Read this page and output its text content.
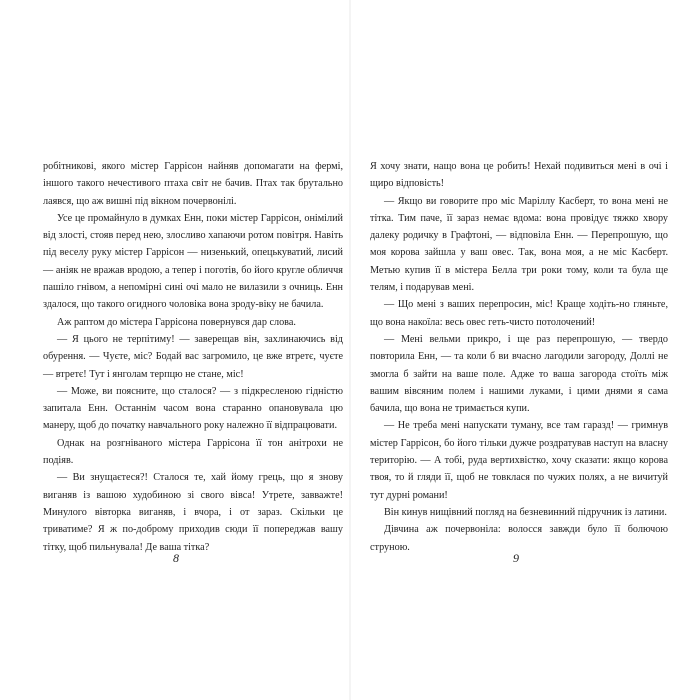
робітникові, якого містер Гаррісон найняв допомагати на фермі, іншого такого нечестивого птаха світ не бачив. Птах так брутально лаявся, що аж вишні під вікном почервонілі.

Усе це промайнуло в думках Енн, поки містер Гаррісон, онімілий від злості, стояв перед нею, злосливо хапаючи ротом повітря. Навіть під веселу руку містер Гаррісон — низенький, опецькуватий, лисий — аніяк не вражав вродою, а тепер і поготів, бо його кругле обличчя пашіло гнівом, а непомірні сині очі мало не вилазили з очниць. Енн здалося, що такого огидного чоловіка вона зроду-віку не бачила.

Аж раптом до містера Гаррісона повернувся дар слова.

— Я цього не терпітиму! — заверещав він, захлинаючись від обурення. — Чуєте, міс? Бодай вас загромило, це вже втретє, чуєте — втретє! Тут і янголам терпцю не стане, міс!

— Може, ви поясните, що сталося? — з підкресленою гідністю запитала Енн. Останнім часом вона старанно опановувала цю манеру, щоб до початку навчального року належно її відпрацювати.

Однак на розгніваного містера Гаррісона її тон анітрохи не подіяв.

— Ви знущаєтеся?! Сталося те, хай йому грець, що я знову виганяв із вашою худобиною зі свого вівса! Утрете, завважте! Минулого вівторка виганяв, і вчора, і от зараз. Скільки це триватиме? Я ж по-доброму приходив сюди її попереджав вашу тітку, щоб пильнувала! Де ваша тітка?

Я хочу знати, нащо вона це робить! Нехай подивиться мені в очі і щиро відповість!

— Якщо ви говорите про міс Маріллу Касберт, то вона мені не тітка. Тим паче, її зараз немає вдома: вона провідує тяжко хвору далеку родичку в Графтоні, — відповіла Енн. — Перепрошую, що моя корова зайшла у ваш овес. Так, вона моя, а не міс Касберт. Метью купив її в містера Белла три роки тому, коли та була ще телям, і подарував мені.

— Що мені з ваших перепросин, міс! Краще ходіть-но гляньте, що вона накоїла: весь овес геть-чисто потолочений!

— Мені вельми прикро, і ще раз перепрошую, — твердо повторила Енн, — та коли б ви вчасно лагодили загороду, Доллі не змогла б зайти на ваше поле. Адже то ваша загорода стоїть між вашим вівсяним полем і нашими луками, і цими днями я сама бачила, що вона не тримається купи.

— Не треба мені напускати туману, все там гаразд! — гримнув містер Гаррісон, бо його тільки дужче роздратував наступ на власну територію. — А тобі, руда вертихвістко, хочу сказати: якщо корова твоя, то й гляди її, щоб не товклася по чужих полях, а не вичитуй тут дурні романи!

Він кинув нищівний погляд на безневинний підручник із латини.

Дівчина аж почервоніла: волосся завжди було її болючою струною.

8	9
